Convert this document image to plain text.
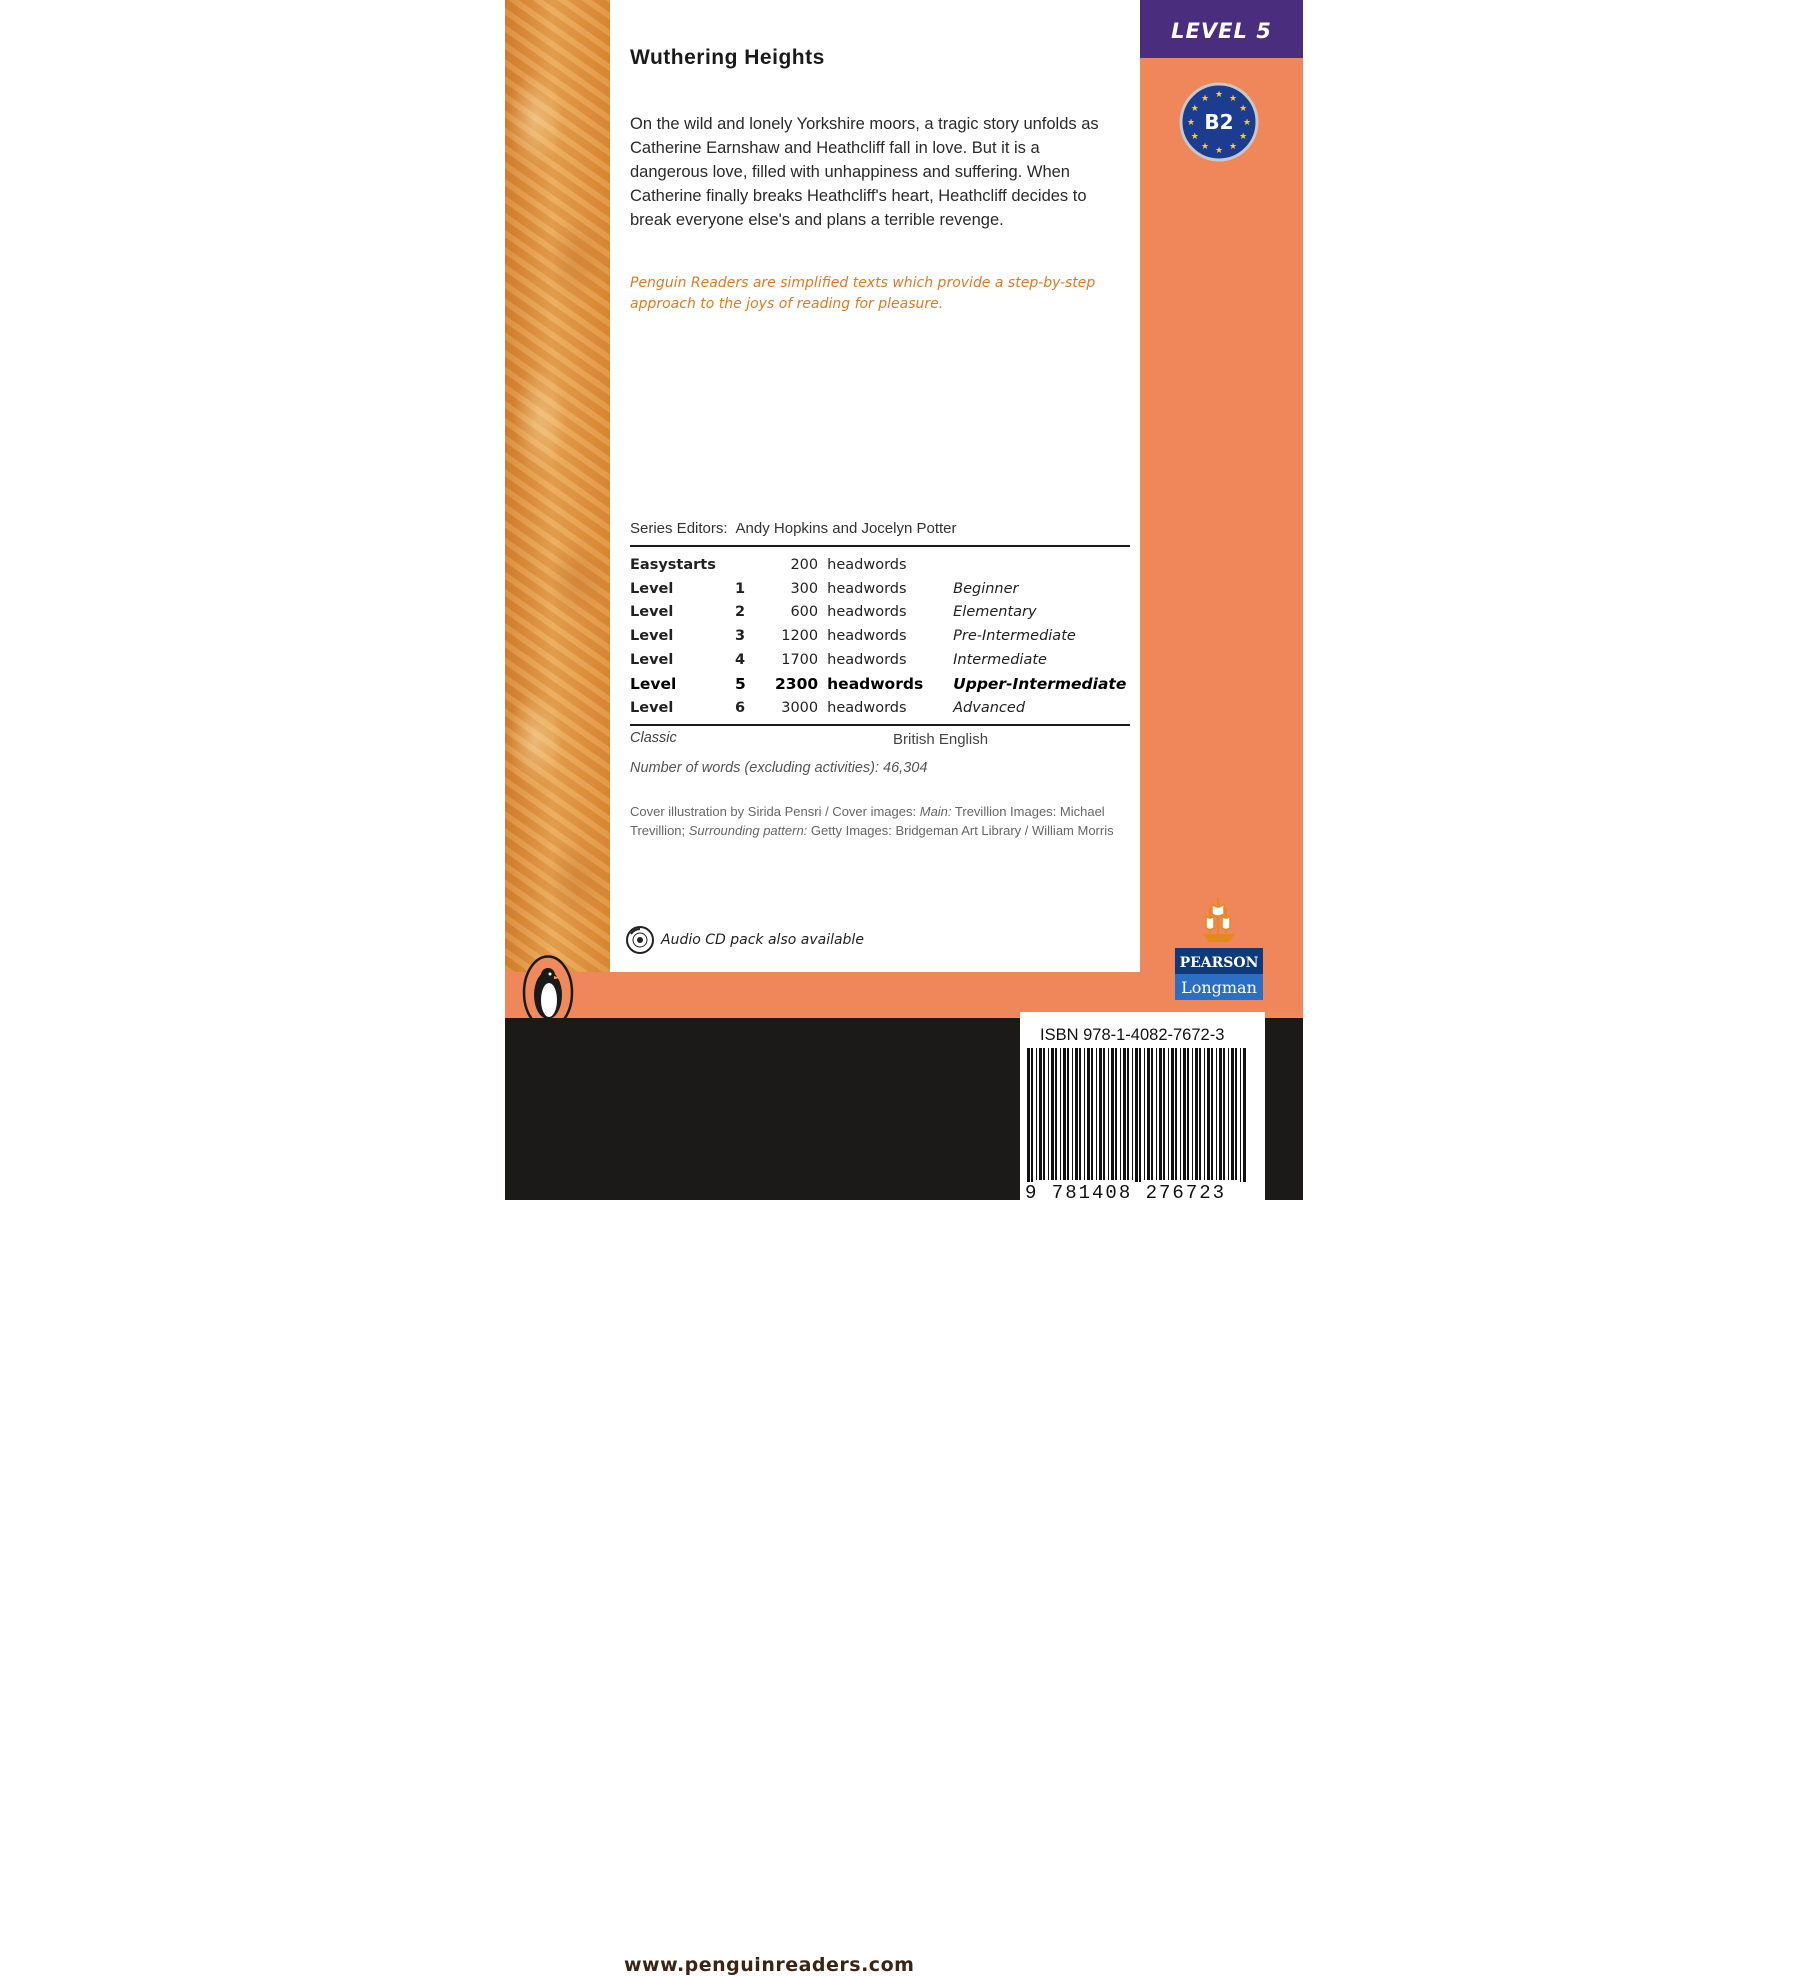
LEVEL 5
★ ★
★
★
★
★
★
★
★
★
★
★
B2
Wuthering Heights
On the wild and lonely Yorkshire moors, a tragic story unfolds as Catherine Earnshaw and Heathcliff fall in love. But it is a dangerous love, filled with unhappiness and suffering. When Catherine finally breaks Heathcliff's heart, Heathcliff decides to break everyone else's and plans a terrible revenge.
Penguin Readers are simplified texts which provide a step-by-step approach to the joys of reading for pleasure.
Series Editors: Andy Hopkins and Jocelyn Potter
Easystarts		200	headwords	
Level	1	300	headwords	Beginner
Level	2	600	headwords	Elementary
Level	3	1200	headwords	Pre-Intermediate
Level	4	1700	headwords	Intermediate
Level	5	2300	headwords	Upper-Intermediate
Level	6	3000	headwords	Advanced
Classic	British English
Number of words (excluding activities): 46,304
Cover illustration by Sirida Pensri / Cover images: Main: Trevillion Images: Michael Trevillion; Surrounding pattern: Getty Images: Bridgeman Art Library / William Morris
Audio CD pack also available
www.penguinreaders.com
PEARSON
Longman
ISBN 978-1-4082-7672-3
9 781408 276723
